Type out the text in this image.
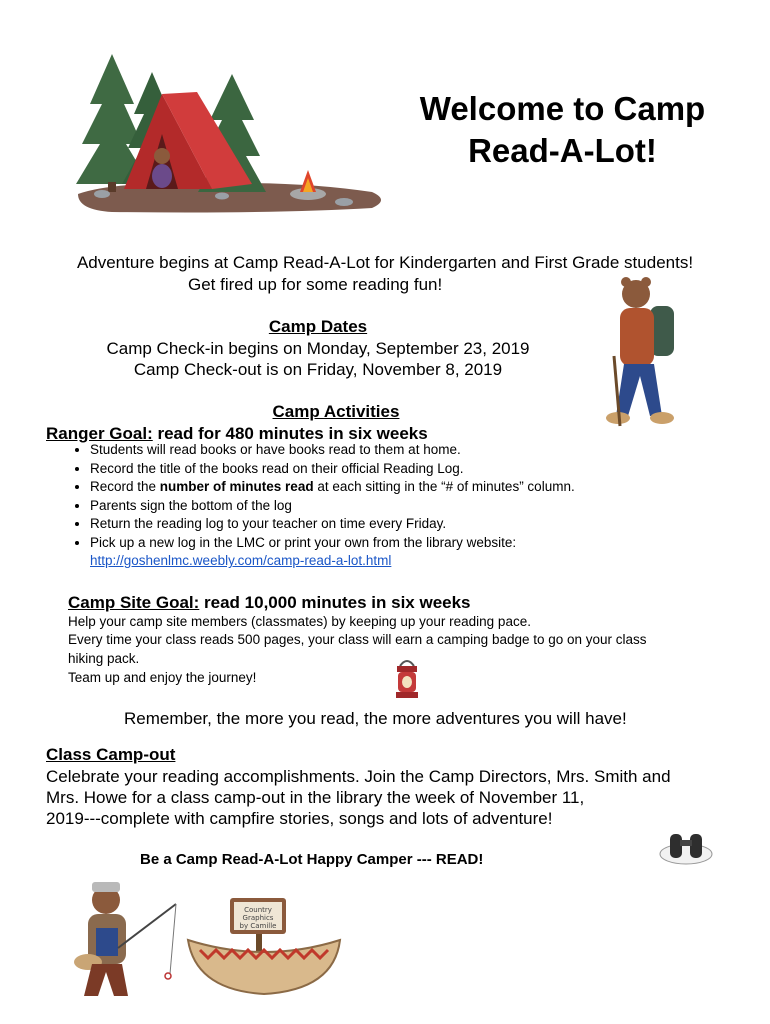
Welcome to Camp
Read-A-Lot!
Adventure begins at Camp Read-A-Lot for Kindergarten and First Grade students!
Get fired up for some reading fun!
Camp Dates
Camp Check-in begins on Monday, September 23, 2019
Camp Check-out is on Friday, November 8, 2019
Camp Activities
Ranger Goal: read for 480 minutes in six weeks
• Students will read books or have books read to them at home.
• Record the title of the books read on their official Reading Log.
• Record the number of minutes read at each sitting in the “# of minutes” column.
• Parents sign the bottom of the log
• Return the reading log to your teacher on time every Friday.
• Pick up a new log in the LMC or print your own from the library website:
http://goshenlmc.weebly.com/camp-read-a-lot.html
Camp Site Goal: read 10,000 minutes in six weeks
Help your camp site members (classmates) by keeping up your reading pace.
Every time your class reads 500 pages, your class will earn a camping badge to go on your class
hiking pack.
Team up and enjoy the journey!
Remember, the more you read, the more adventures you will have!
Class Camp-out
Celebrate your reading accomplishments. Join the Camp Directors, Mrs. Smith and
Mrs. Howe for a class camp-out in the library the week of November 11,
2019---complete with campfire stories, songs and lots of adventure!
Be a Camp Read-A-Lot Happy Camper --- READ!
Country
Graphics
by Camille
